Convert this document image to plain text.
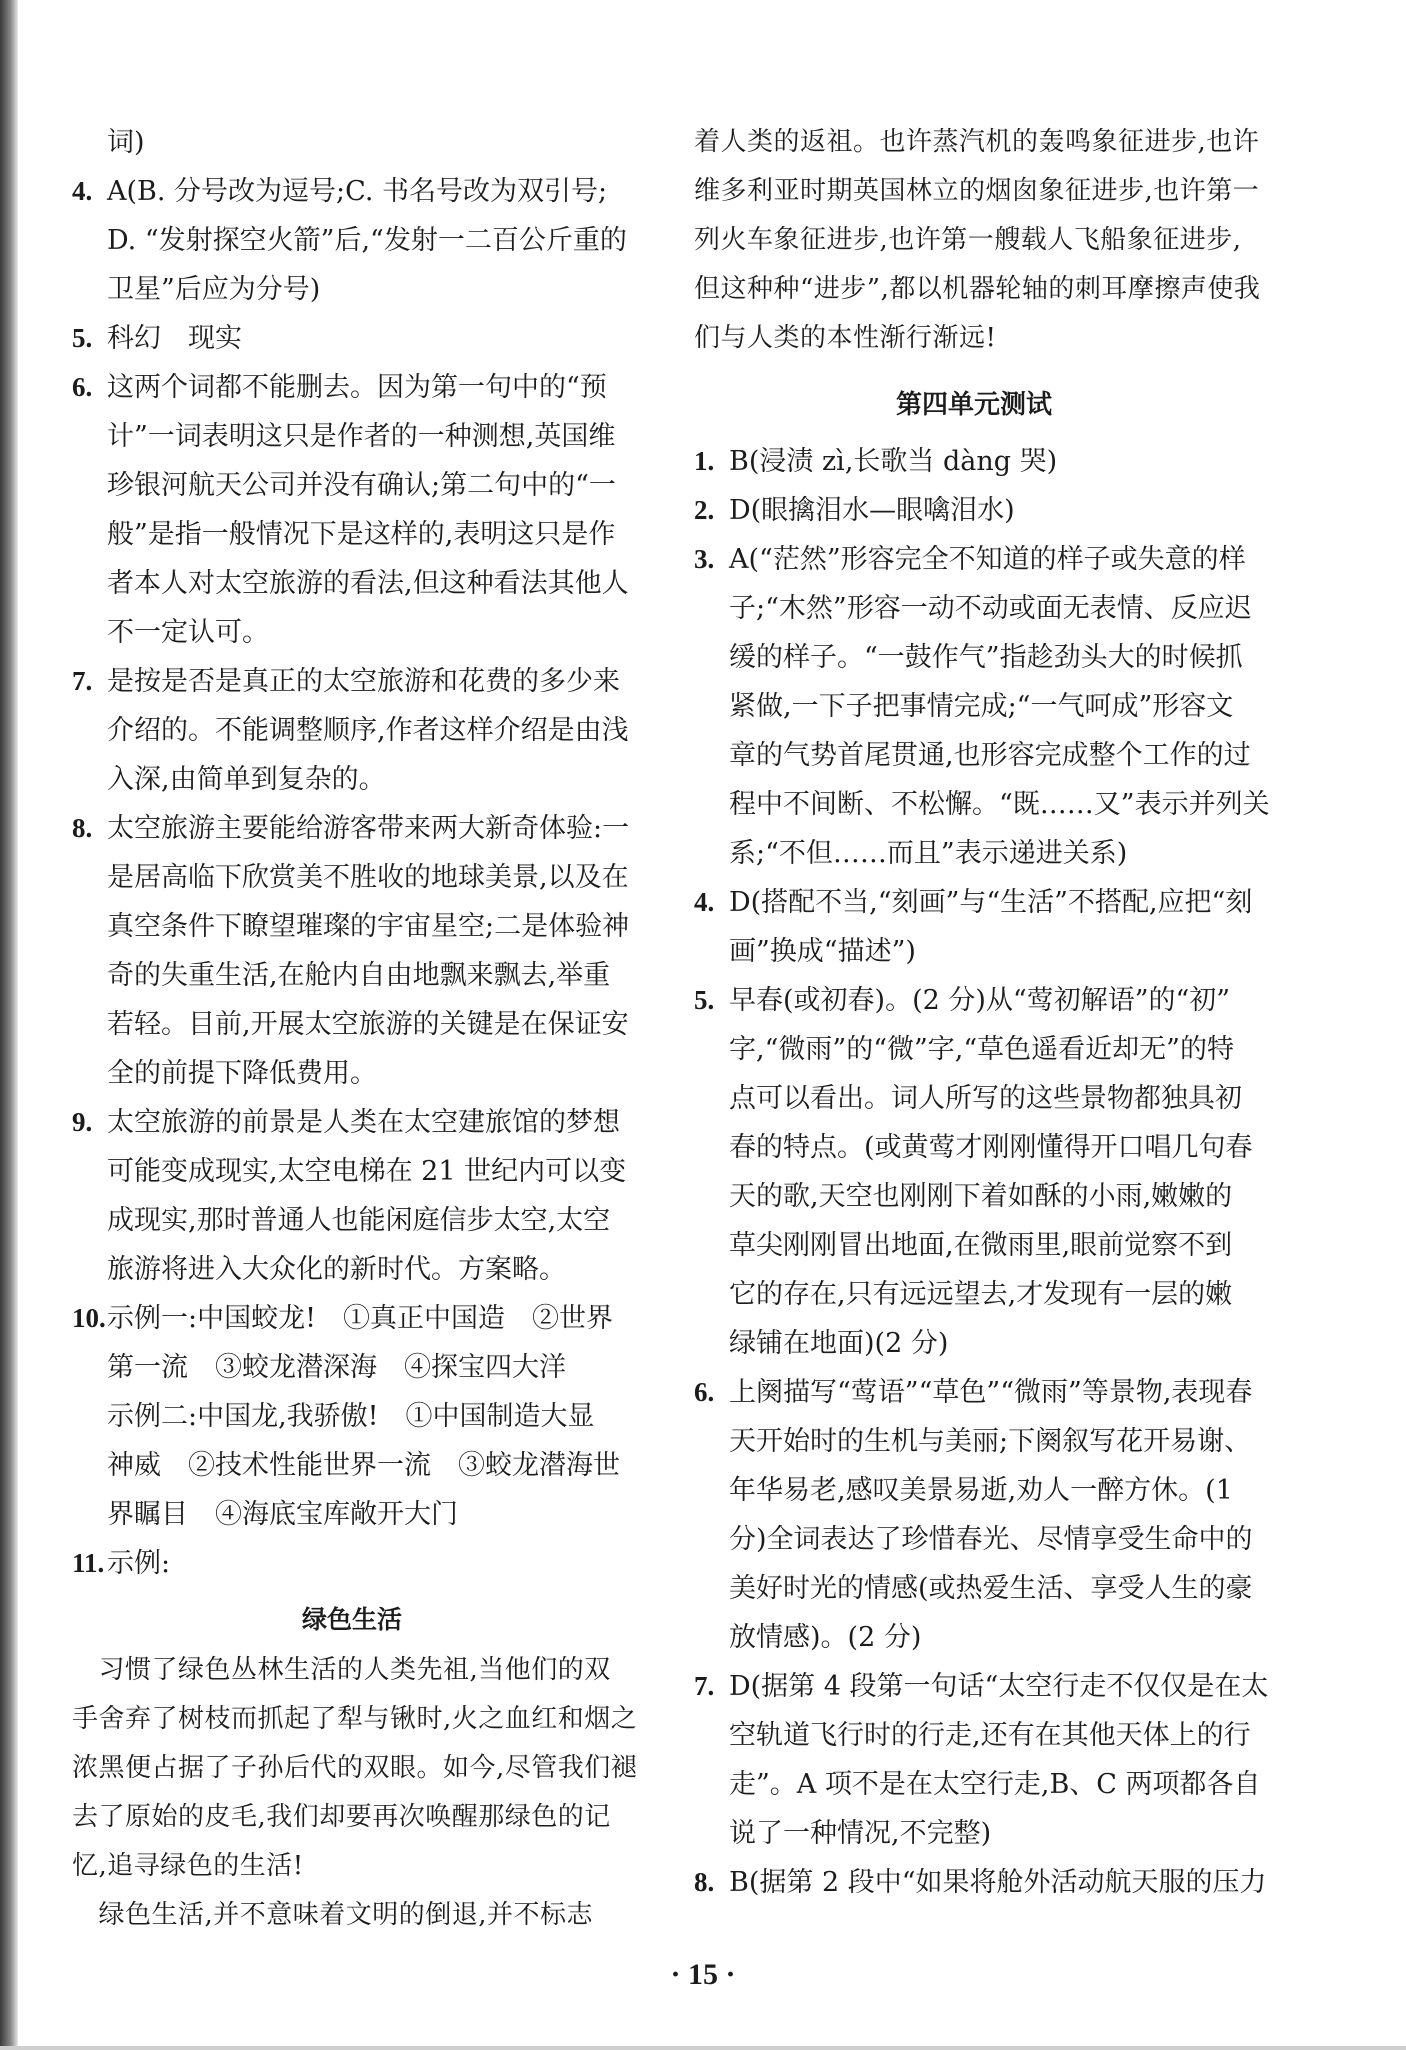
词)
4. A(B. 分号改为逗号;C. 书名号改为双引号;
D. “发射探空火箭”后,“发射一二百公斤重的
卫星”后应为分号)
5. 科幻　现实
6. 这两个词都不能删去。因为第一句中的“预
计”一词表明这只是作者的一种测想,英国维
珍银河航天公司并没有确认;第二句中的“一
般”是指一般情况下是这样的,表明这只是作
者本人对太空旅游的看法,但这种看法其他人
不一定认可。
7. 是按是否是真正的太空旅游和花费的多少来
介绍的。不能调整顺序,作者这样介绍是由浅
入深,由简单到复杂的。
8. 太空旅游主要能给游客带来两大新奇体验:一
是居高临下欣赏美不胜收的地球美景,以及在
真空条件下瞭望璀璨的宇宙星空;二是体验神
奇的失重生活,在舱内自由地飘来飘去,举重
若轻。目前,开展太空旅游的关键是在保证安
全的前提下降低费用。
9. 太空旅游的前景是人类在太空建旅馆的梦想
可能变成现实,太空电梯在 21 世纪内可以变
成现实,那时普通人也能闲庭信步太空,太空
旅游将进入大众化的新时代。方案略。
10. 示例一:中国蛟龙!　①真正中国造　②世界
第一流　③蛟龙潜深海　④探宝四大洋
示例二:中国龙,我骄傲!　①中国制造大显
神威　②技术性能世界一流　③蛟龙潜海世
界瞩目　④海底宝库敞开大门
11. 示例:
绿色生活
　习惯了绿色丛林生活的人类先祖,当他们的双
手舍弃了树枝而抓起了犁与锹时,火之血红和烟之
浓黑便占据了子孙后代的双眼。如今,尽管我们褪
去了原始的皮毛,我们却要再次唤醒那绿色的记
忆,追寻绿色的生活!
　绿色生活,并不意味着文明的倒退,并不标志
着人类的返祖。也许蒸汽机的轰鸣象征进步,也许
维多利亚时期英国林立的烟囱象征进步,也许第一
列火车象征进步,也许第一艘载人飞船象征进步,
但这种种“进步”,都以机器轮轴的刺耳摩擦声使我
们与人类的本性渐行渐远!
第四单元测试
1. B(浸渍 zì,长歌当 dàng 哭)
2. D(眼擒泪水—眼噙泪水)
3. A(“茫然”形容完全不知道的样子或失意的样
子;“木然”形容一动不动或面无表情、反应迟
缓的样子。“一鼓作气”指趁劲头大的时候抓
紧做,一下子把事情完成;“一气呵成”形容文
章的气势首尾贯通,也形容完成整个工作的过
程中不间断、不松懈。“既……又”表示并列关
系;“不但……而且”表示递进关系)
4. D(搭配不当,“刻画”与“生活”不搭配,应把“刻
画”换成“描述”)
5. 早春(或初春)。(2 分)从“莺初解语”的“初”
字,“微雨”的“微”字,“草色遥看近却无”的特
点可以看出。词人所写的这些景物都独具初
春的特点。(或黄莺才刚刚懂得开口唱几句春
天的歌,天空也刚刚下着如酥的小雨,嫩嫩的
草尖刚刚冒出地面,在微雨里,眼前觉察不到
它的存在,只有远远望去,才发现有一层的嫩
绿铺在地面)(2 分)
6. 上阕描写“莺语”“草色”“微雨”等景物,表现春
天开始时的生机与美丽;下阕叙写花开易谢、
年华易老,感叹美景易逝,劝人一醉方休。(1
分)全词表达了珍惜春光、尽情享受生命中的
美好时光的情感(或热爱生活、享受人生的豪
放情感)。(2 分)
7. D(据第 4 段第一句话“太空行走不仅仅是在太
空轨道飞行时的行走,还有在其他天体上的行
走”。A 项不是在太空行走,B、C 两项都各自
说了一种情况,不完整)
8. B(据第 2 段中“如果将舱外活动航天服的压力
· 15 ·
